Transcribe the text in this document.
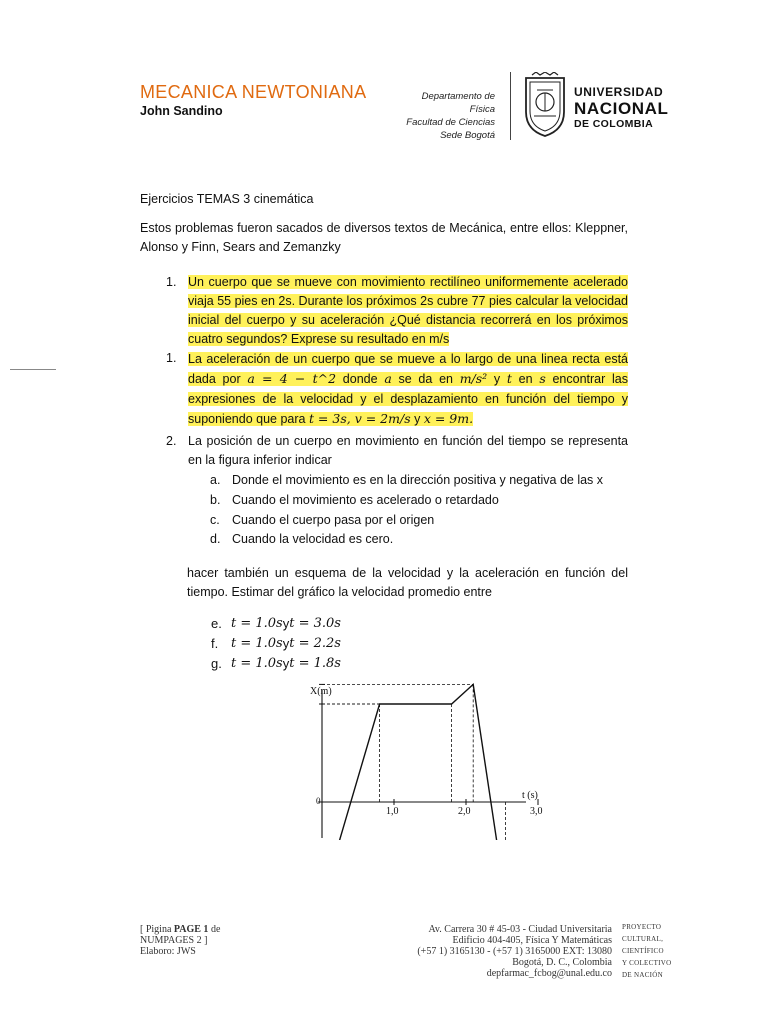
MECANICA NEWTONIANA
John Sandino
Departamento de Física
Facultad de Ciencias
Sede Bogotá
UNIVERSIDAD
NACIONAL
DE COLOMBIA
Ejercicios TEMAS 3 cinemática
Estos problemas fueron sacados de diversos textos de Mecánica, entre ellos: Kleppner, Alonso y Finn, Sears and Zemanzky
1. Un cuerpo que se mueve con movimiento rectilíneo uniformemente acelerado viaja 55 pies en 2s. Durante los próximos 2s cubre 77 pies calcular la velocidad inicial del cuerpo y su aceleración ¿Qué distancia recorrerá en los próximos cuatro segundos? Exprese su resultado en m/s
1. La aceleración de un cuerpo que se mueve a lo largo de una linea recta está dada por a = 4 − t^2 donde a se da en m/s² y t en s encontrar las expresiones de la velocidad y el desplazamiento en función del tiempo y suponiendo que para t = 3s, v = 2m/s y x = 9m.
2. La posición de un cuerpo en movimiento en función del tiempo se representa en la figura inferior indicar
a. Donde el movimiento es en la dirección positiva y negativa de las x
b. Cuando el movimiento es acelerado o retardado
c. Cuando el cuerpo pasa por el origen
d. Cuando la velocidad es cero.
hacer también un esquema de la velocidad y la aceleración en función del tiempo. Estimar del gráfico la velocidad promedio entre
e. t = 1.0s y t = 3.0s
f. t = 1.0s y t = 2.2s
g. t = 1.0s y t = 1.8s
X(m)
t (s)
0
1,0	2,0	3,0
[ Pigina PAGE 1 de
NUMPAGES 2 ]
Elaboro: JWS
Av. Carrera 30 # 45-03 - Ciudad Universitaria
Edificio 404-405, Física Y Matemáticas
(+57 1) 3165130 - (+57 1) 3165000 EXT: 13080
Bogotá, D. C., Colombia
depfarmac_fcbog@unal.edu.co
PROYECTO
CULTURAL,
CIENTÍFICO
Y COLECTIVO
DE NACIÓN
